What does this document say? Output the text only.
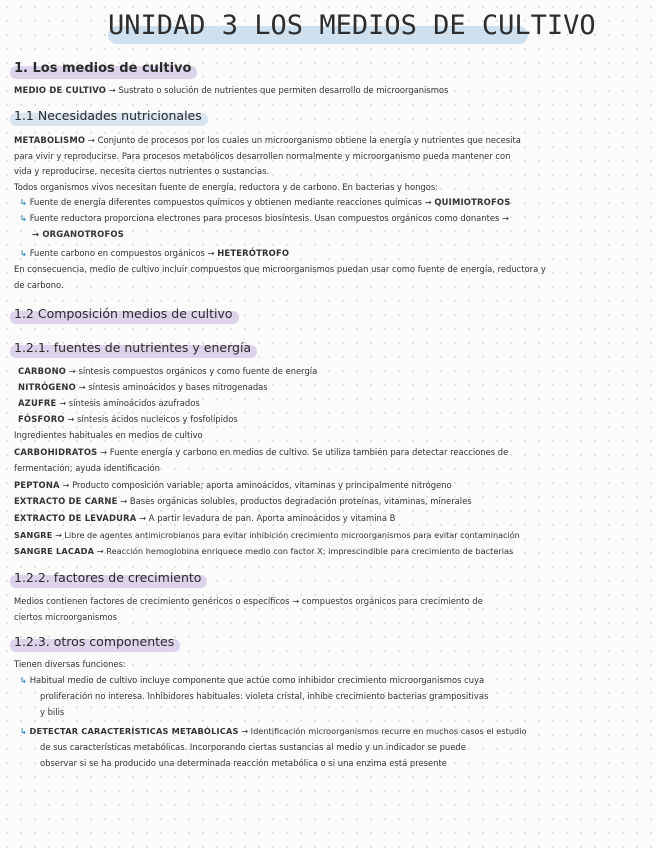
UNIDAD 3 LOS MEDIOS DE CULTIVO
1. Los medios de cultivo
MEDIO DE CULTIVO → Sustrato o solución de nutrientes que permiten desarrollo de microorganismos
1.1 Necesidades nutricionales
METABOLISMO → Conjunto de procesos por los cuales un microorganismo obtiene la energía y nutrientes que necesita
para vivir y reproducirse. Para procesos metabólicos desarrollen normalmente y microorganismo pueda mantener con
vida y reproducirse, necesita ciertos nutrientes o sustancias.
Todos organismos vivos necesitan fuente de energía, reductora y de carbono. En bacterias y hongos:
↳ Fuente de energía diferentes compuestos químicos y obtienen mediante reacciones químicas → QUIMIOTROFOS
↳ Fuente reductora proporciona electrones para procesos biosíntesis. Usan compuestos orgánicos como donantes →
→ ORGANOTROFOS
↳ Fuente carbono en compuestos orgánicos → HETERÓTROFO
En consecuencia, medio de cultivo incluir compuestos que microorganismos puedan usar como fuente de energía, reductora y
de carbono.
1.2 Composición medios de cultivo
1.2.1. fuentes de nutrientes y energía
CARBONO → síntesis compuestos orgánicos y como fuente de energía
NITRÓGENO → síntesis aminoácidos y bases nitrogenadas
AZUFRE → síntesis aminoácidos azufrados
FÓSFORO → síntesis ácidos nucleicos y fosfolípidos
Ingredientes habituales en medios de cultivo
CARBOHIDRATOS → Fuente energía y carbono en medios de cultivo. Se utiliza también para detectar reacciones de
fermentación; ayuda identificación
PEPTONA → Producto composición variable; aporta aminoácidos, vitaminas y principalmente nitrógeno
EXTRACTO DE CARNE → Bases orgánicas solubles, productos degradación proteínas, vitaminas, minerales
EXTRACTO DE LEVADURA → A partir levadura de pan. Aporta aminoácidos y vitamina B
SANGRE → Libre de agentes antimicrobianos para evitar inhibición crecimiento microorganismos para evitar contaminación
SANGRE LACADA → Reacción hemoglobina enriquece medio con factor X; imprescindible para crecimiento de bacterias
1.2.2. factores de crecimiento
Medios contienen factores de crecimiento genéricos o específicos → compuestos orgánicos para crecimiento de
ciertos microorganismos
1.2.3. otros componentes
Tienen diversas funciones:
↳ Habitual medio de cultivo incluye componente que actúe como inhibidor crecimiento microorganismos cuya
proliferación no interesa. Inhibidores habituales: violeta cristal, inhibe crecimiento bacterias grampositivas
y bilis
↳ DETECTAR CARACTERÍSTICAS METABÓLICAS → Identificación microorganismos recurre en muchos casos el estudio
de sus características metabólicas. Incorporando ciertas sustancias al medio y un indicador se puede
observar si se ha producido una determinada reacción metabólica o si una enzima está presente
